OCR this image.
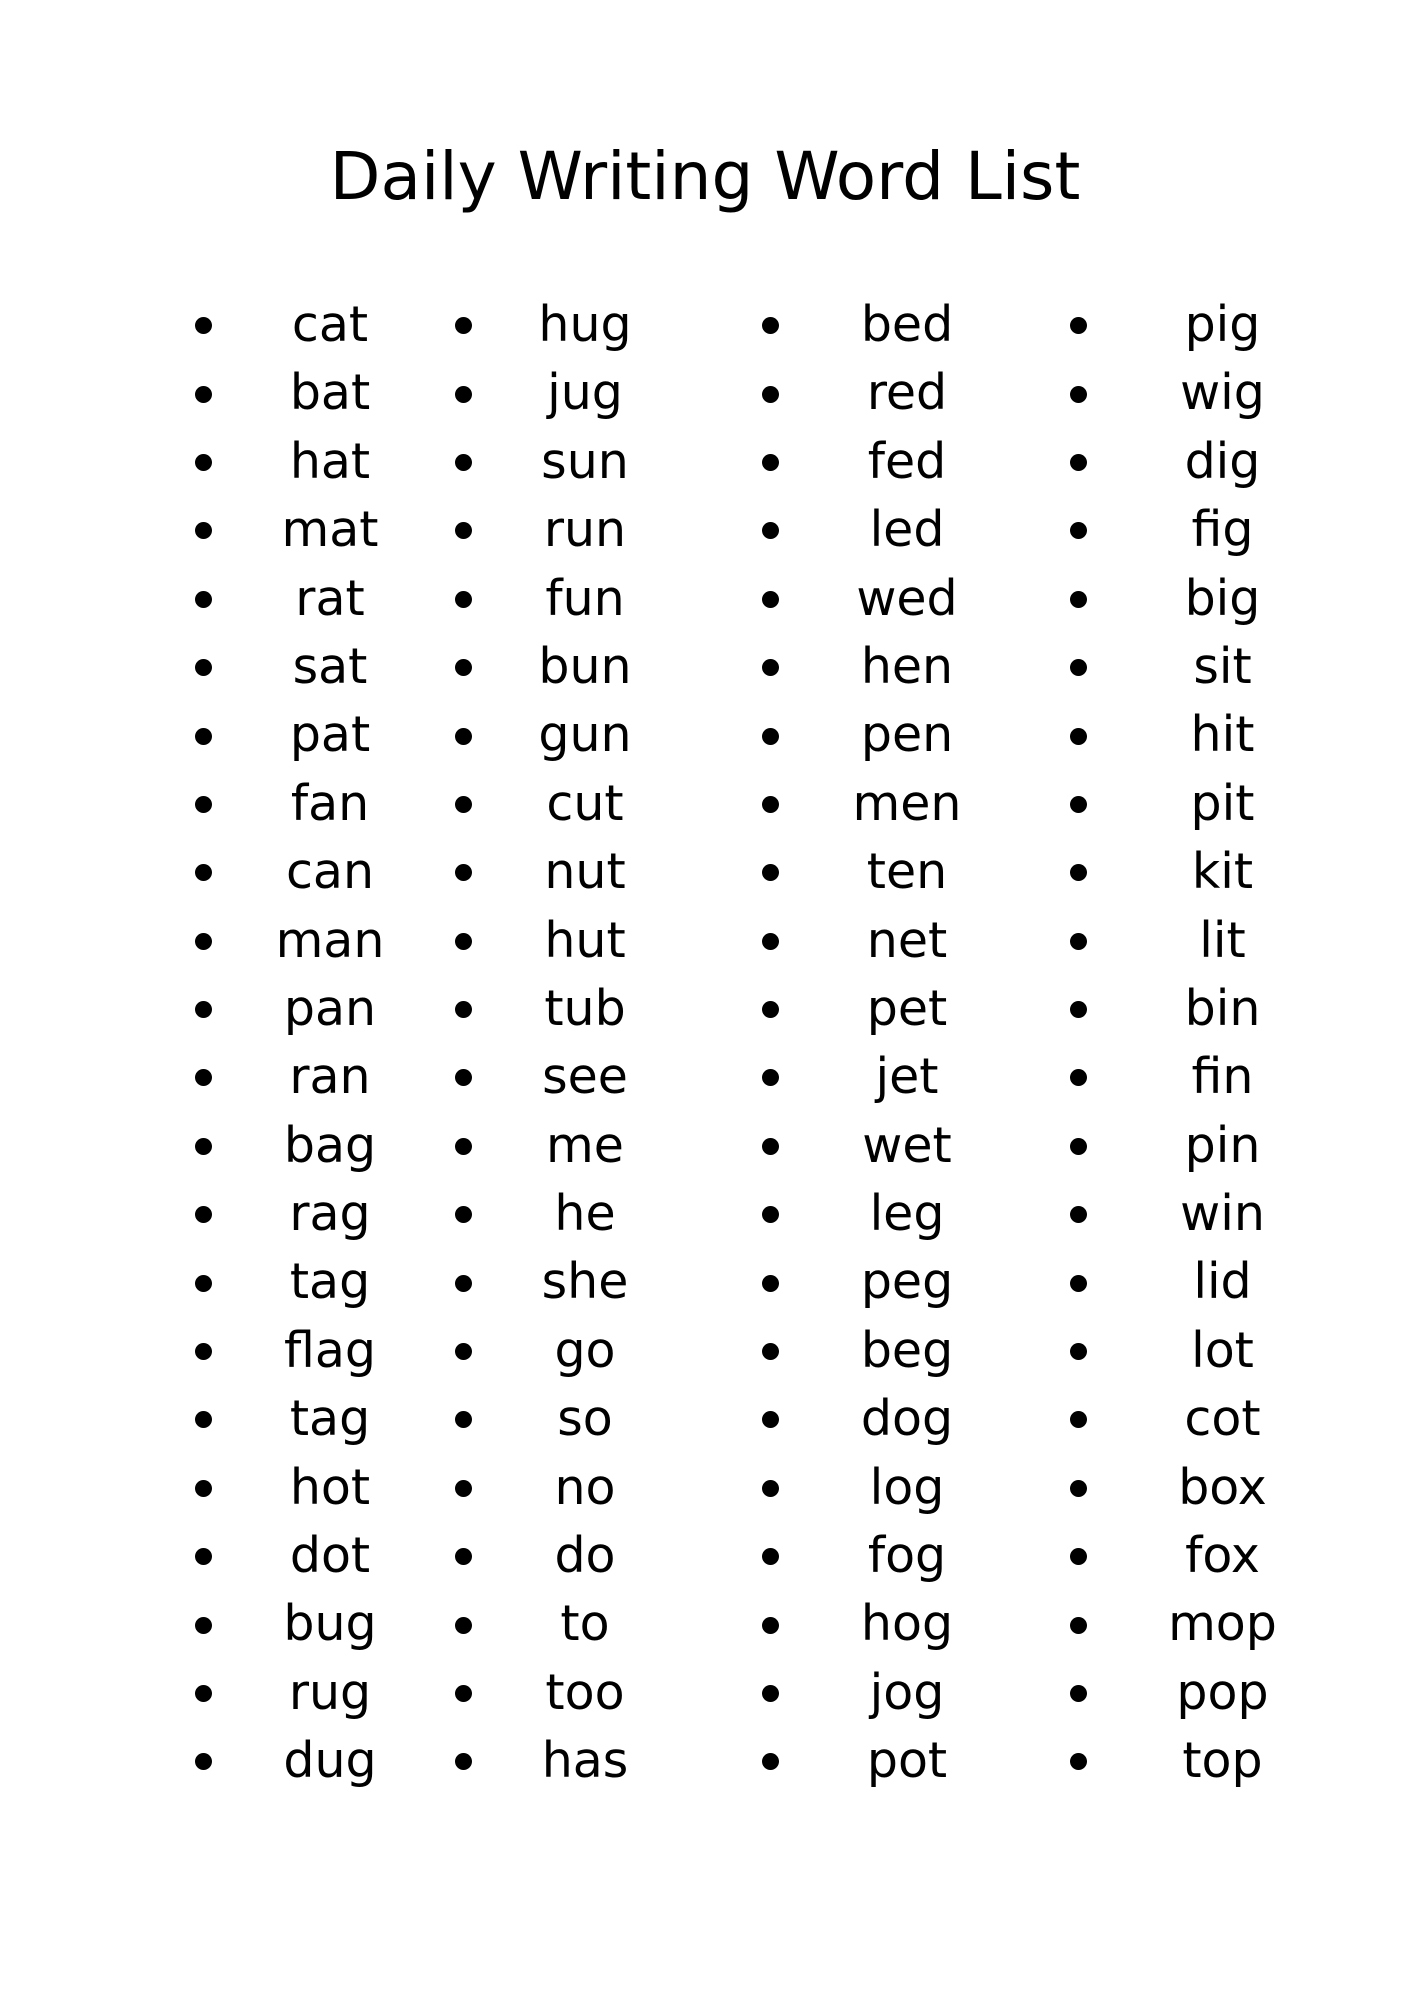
Daily Writing Word List
cat
bat
hat
mat
rat
sat
pat
fan
can
man
pan
ran
bag
rag
tag
flag
tag
hot
dot
bug
rug
dug
hug
jug
sun
run
fun
bun
gun
cut
nut
hut
tub
see
me
he
she
go
so
no
do
to
too
has
bed
red
fed
led
wed
hen
pen
men
ten
net
pet
jet
wet
leg
peg
beg
dog
log
fog
hog
jog
pot
pig
wig
dig
fig
big
sit
hit
pit
kit
lit
bin
fin
pin
win
lid
lot
cot
box
fox
mop
pop
top
